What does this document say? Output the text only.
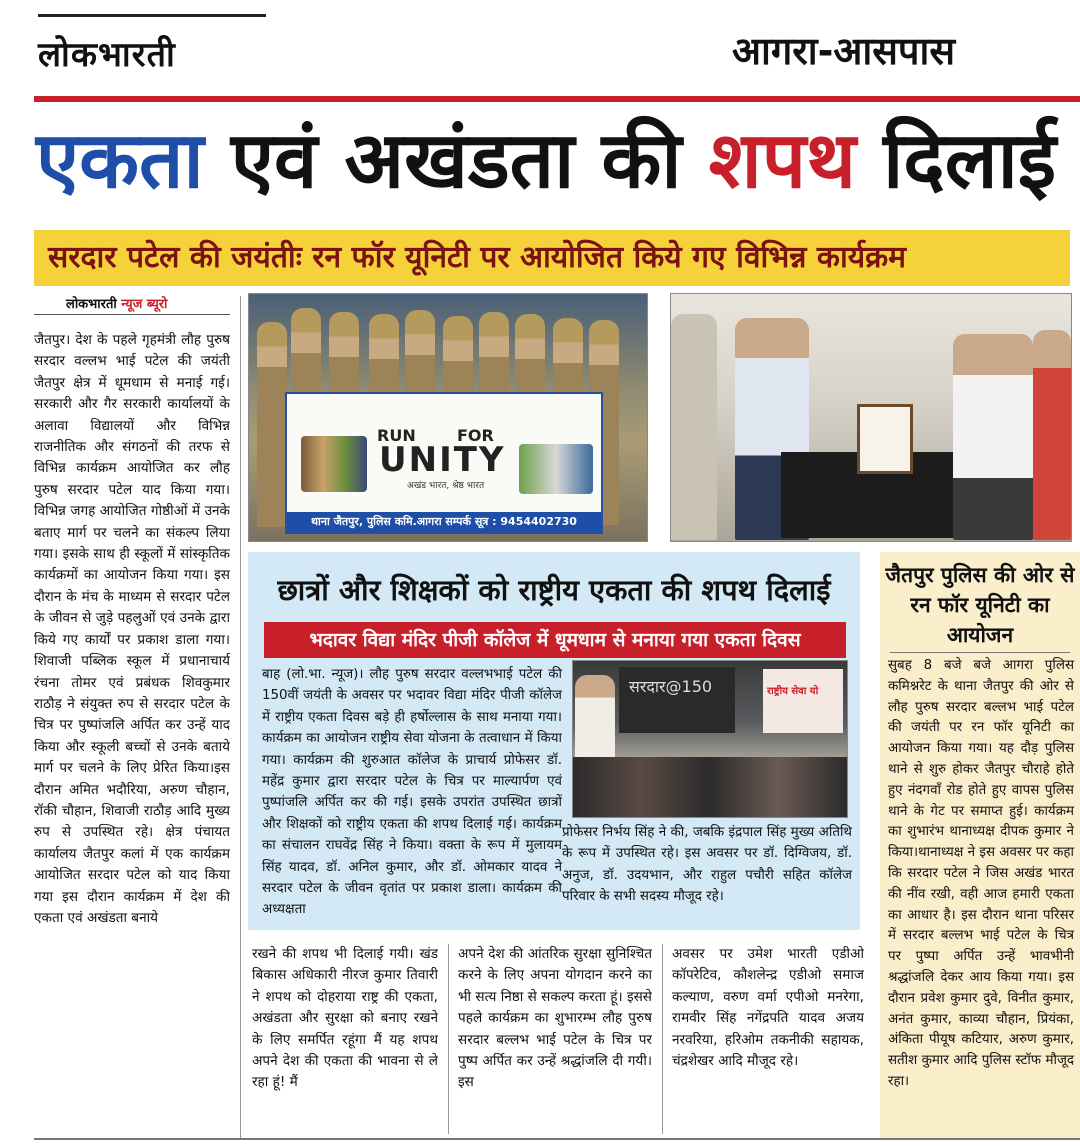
लोकभारती	आगरा-आसपास
एकता एवं अखंडता की शपथ दिलाई
सरदार पटेल की जयंतीः रन फॉर यूनिटी पर आयोजित किये गए विभिन्न कार्यक्रम
लोकभारती न्यूज ब्यूरो
जैतपुर। देश के पहले गृहमंत्री लौह पुरुष सरदार वल्लभ भाई पटेल की जयंती जैतपुर क्षेत्र में धूमधाम से मनाई गई। सरकारी और गैर सरकारी कार्यालयों के अलावा विद्यालयों और विभिन्न राजनीतिक और संगठनों की तरफ से विभिन्न कार्यक्रम आयोजित कर लौह पुरुष सरदार पटेल याद किया गया।विभिन्न जगह आयोजित गोष्ठीओं में उनके बताए मार्ग पर चलने का संकल्प लिया गया। इसके साथ ही स्कूलों में सांस्कृतिक कार्यक्रमों का आयोजन किया गया। इस दौरान के मंच के माध्यम से सरदार पटेल के जीवन से जुड़े पहलुओं एवं उनके द्वारा किये गए कार्यों पर प्रकाश डाला गया। शिवाजी पब्लिक स्कूल में प्रधानाचार्य रंचना तोमर एवं प्रबंधक शिवकुमार राठौड़ ने संयुक्त रुप से सरदार पटेल के चित्र पर पुष्पांजलि अर्पित कर उन्हें याद किया और स्कूली बच्चों से उनके बताये मार्ग पर चलने के लिए प्रेरित किया।इस दौरान अमित भदौरिया, अरुण चौहान, रॉकी चौहान, शिवाजी राठौड़ आदि मुख्य रुप से उपस्थित रहे। क्षेत्र पंचायत कार्यालय जैतपुर कलां में एक कार्यक्रम आयोजित सरदार पटेल को याद किया गया इस दौरान कार्यक्रम में देश की एकता एवं अखंडता बनाये
RUN	FOR
UNITY
अखंड भारत, श्रेष्ठ भारत
थाना जैतपुर, पुलिस कमि.आगरा सम्पर्क सूत्र : 9454402730
छात्रों और शिक्षकों को राष्ट्रीय एकता की शपथ दिलाई
भदावर विद्या मंदिर पीजी कॉलेज में धूमधाम से मनाया गया एकता दिवस
बाह (लो.भा. न्यूज)। लौह पुरुष सरदार वल्लभभाई पटेल की 150वीं जयंती के अवसर पर भदावर विद्या मंदिर पीजी कॉलेज में राष्ट्रीय एकता दिवस बड़े ही हर्षोल्लास के साथ मनाया गया। कार्यक्रम का आयोजन राष्ट्रीय सेवा योजना के तत्वाधान में किया गया। कार्यक्रम की शुरुआत कॉलेज के प्राचार्य प्रोफेसर डॉ. महेंद्र कुमार द्वारा सरदार पटेल के चित्र पर माल्यार्पण एवं पुष्पांजलि अर्पित कर की गई। इसके उपरांत उपस्थित छात्रों और शिक्षकों को राष्ट्रीय एकता की शपथ दिलाई गई। कार्यक्रम का संचालन राघवेंद्र सिंह ने किया। वक्ता के रूप में मुलायम सिंह यादव, डॉ. अनिल कुमार, और डॉ. ओमकार यादव ने सरदार पटेल के जीवन वृतांत पर प्रकाश डाला। कार्यक्रम की अध्यक्षता
सरदार@150	राष्ट्रीय सेवा यो
प्रोफेसर निर्भय सिंह ने की, जबकि इंद्रपाल सिंह मुख्य अतिथि के रूप में उपस्थित रहे। इस अवसर पर डॉ. दिग्विजय, डॉ. अनुज, डॉ. उदयभान, और राहुल पचौरी सहित कॉलेज परिवार के सभी सदस्य मौजूद रहे।
जैतपुर पुलिस की ओर से रन फॉर यूनिटी का आयोजन
सुबह 8 बजे बजे आगरा पुलिस कमिश्नरेट के थाना जैतपुर की ओर से लौह पुरुष सरदार बल्लभ भाई पटेल की जयंती पर रन फॉर यूनिटी का आयोजन किया गया। यह दौड़ पुलिस थाने से शुरु होकर जैतपुर चौराहे होते हुए नंदगवाँ रोड होते हुए वापस पुलिस थाने के गेट पर समाप्त हुई। कार्यक्रम का शुभारंभ थानाध्यक्ष दीपक कुमार ने किया।थानाध्यक्ष ने इस अवसर पर कहा कि सरदार पटेल ने जिस अखंड भारत की नींव रखी, वही आज हमारी एकता का आधार है। इस दौरान थाना परिसर में सरदार बल्लभ भाई पटेल के चित्र पर पुष्पा अर्पित उन्हें भावभीनी श्रद्धांजलि देकर आय किया गया। इस दौरान प्रवेश कुमार दुवे, विनीत कुमार, अनंत कुमार, काव्या चौहान, प्रियंका, अंकिता पीयूष कटियार, अरुण कुमार, सतीश कुमार आदि पुलिस स्टॉफ मौजूद रहा।
रखने की शपथ भी दिलाई गयी। खंड बिकास अधिकारी नीरज कुमार तिवारी ने शपथ को दोहराया राष्ट्र की एकता, अखंडता और सुरक्षा को बनाए रखने के लिए समर्पित रहूंगा मैं यह शपथ अपने देश की एकता की भावना से ले रहा हूं! मैं
अपने देश की आंतरिक सुरक्षा सुनिश्चित करने के लिए अपना योगदान करने का भी सत्य निष्ठा से सकल्प करता हूं। इससे पहले कार्यक्रम का शुभारम्भ लौह पुरुष सरदार बल्लभ भाई पटेल के चित्र पर पुष्प अर्पित कर उन्हें श्रद्धांजलि दी गयी। इस
अवसर पर उमेश भारती एडीओ कॉपरेटिव, कौशलेन्द्र एडीओ समाज कल्याण, वरुण वर्मा एपीओ मनरेगा, रामवीर सिंह नगेंद्रपति यादव अजय नरवरिया, हरिओम तकनीकी सहायक, चंद्रशेखर आदि मौजूद रहे।
